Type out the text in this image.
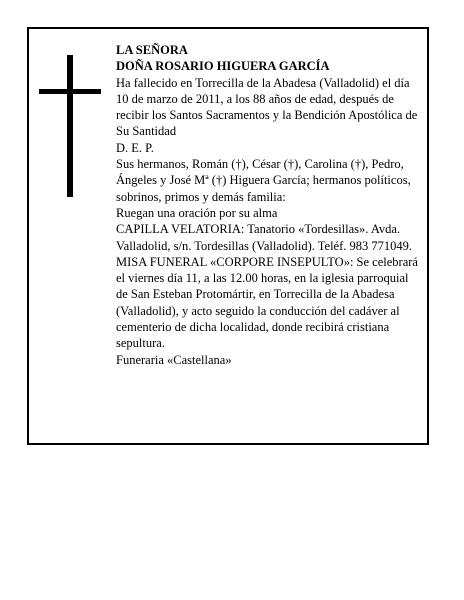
LA SEÑORA

DOÑA ROSARIO HIGUERA GARCÍA

Ha fallecido en Torrecilla de la Abadesa (Valladolid) el día 10 de marzo de 2011, a los 88 años de edad, después de recibir los Santos Sacramentos y la Bendición Apostólica de Su Santidad

D. E. P.

Sus hermanos, Román (†), César (†), Carolina (†), Pedro, Ángeles y José Mª (†) Higuera García; hermanos políticos, sobrinos, primos y demás familia:

Ruegan una oración por su alma

CAPILLA VELATORIA: Tanatorio «Tordesillas». Avda. Valladolid, s/n. Tordesillas (Valladolid). Teléf. 983 771049.

MISA FUNERAL «CORPORE INSEPULTO»: Se celebrará el viernes día 11, a las 12.00 horas, en la iglesia parroquial de San Esteban Protomártir, en Torrecilla de la Abadesa (Valladolid), y acto seguido la conducción del cadáver al cementerio de dicha localidad, donde recibirá cristiana sepultura.

Funeraria «Castellana»
